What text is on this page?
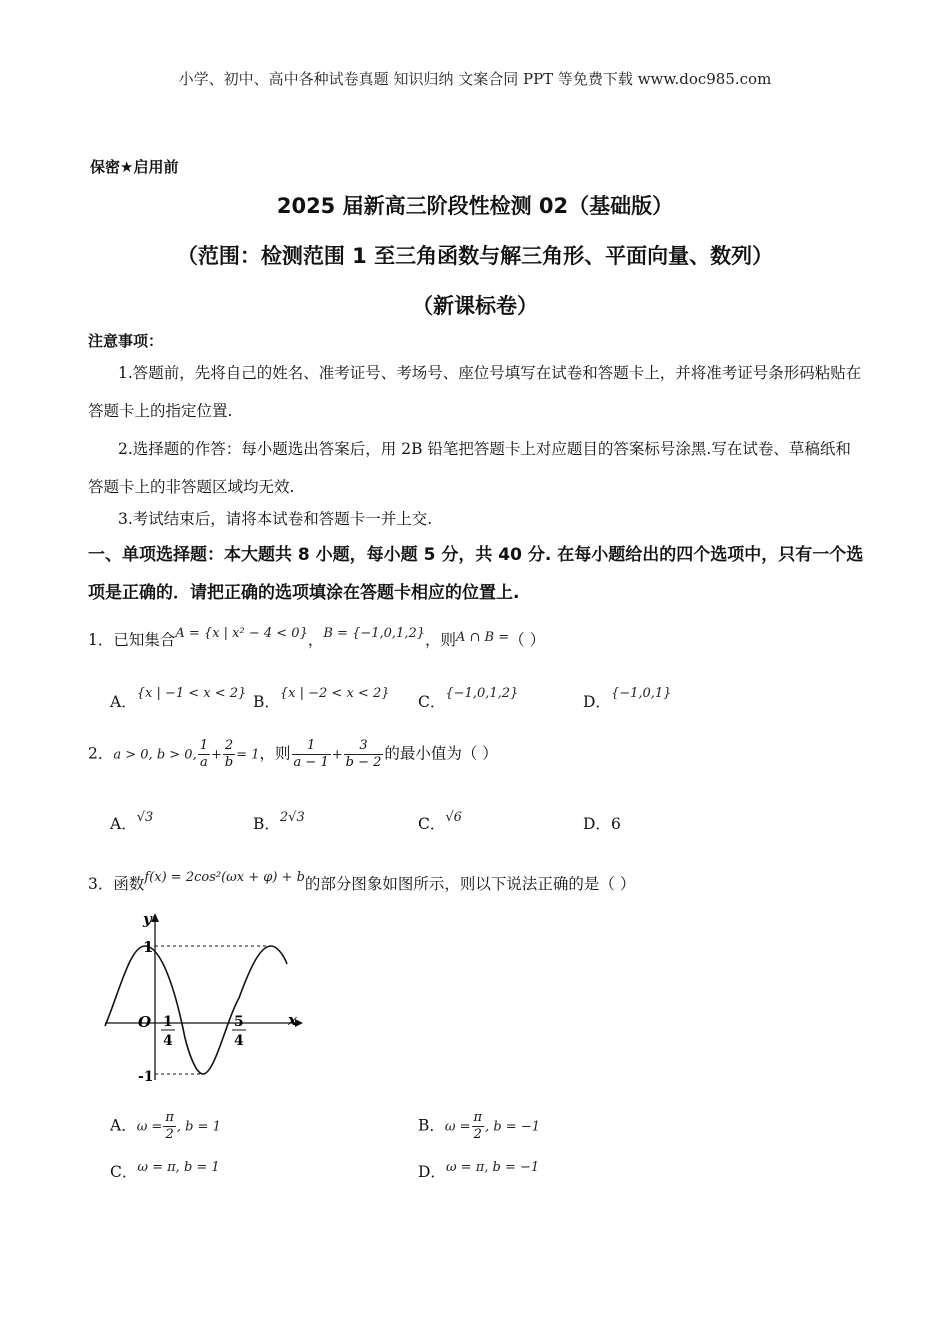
小学、初中、高中各种试卷真题 知识归纳 文案合同 PPT 等免费下载 www.doc985.com
保密★启用前
2025 届新高三阶段性检测 02（基础版）
（范围：检测范围 1 至三角函数与解三角形、平面向量、数列）
（新课标卷）
注意事项：
1.答题前，先将自己的姓名、准考证号、考场号、座位号填写在试卷和答题卡上，并将准考证号条形码粘贴在答题卡上的指定位置.
2.选择题的作答：每小题选出答案后，用 2B 铅笔把答题卡上对应题目的答案标号涂黑.写在试卷、草稿纸和答题卡上的非答题区域均无效.
3.考试结束后，请将本试卷和答题卡一并上交.
一、单项选择题：本大题共 8 小题，每小题 5 分，共 40 分. 在每小题给出的四个选项中，只有一个选项是正确的．请把正确的选项填涂在答题卡相应的位置上.
1．已知集合$^{A = \{x | x^2 - 4 < 0\}}$，$^{B = \{-1,0,1,2\}}$，则$^{A \cap B =}$（ ）
A．$^{\{x | -1 < x < 2\}}$ B．$^{\{x | -2 < x < 2\}}$ C．$^{\{-1,0,1,2\}}$	D．$^{\{-1,0,1\}}$
2．a > 0, b > 0, $\frac{1}{a} + \frac{2}{b} = 1$，则 $\frac{1}{a - 1} + \frac{3}{b - 2}$ 的最小值为（ ）
A．$^{√3}$	B．$^{2√3}$	C．$^{√6}$	D．6
3．函数$^{f(x) = 2cos^2(\omega x + \varphi) + b}$的部分图象如图所示，则以下说法正确的是（ ）
y
x
O
1
-1
1
4
5
4
A．$\omega = \frac{\pi}{2}$ , b = 1	B．$\omega = \frac{\pi}{2}$ , b = −1
C．$^{\omega = \pi, b = 1}$	D．$^{\omega = \pi, b = -1}$
